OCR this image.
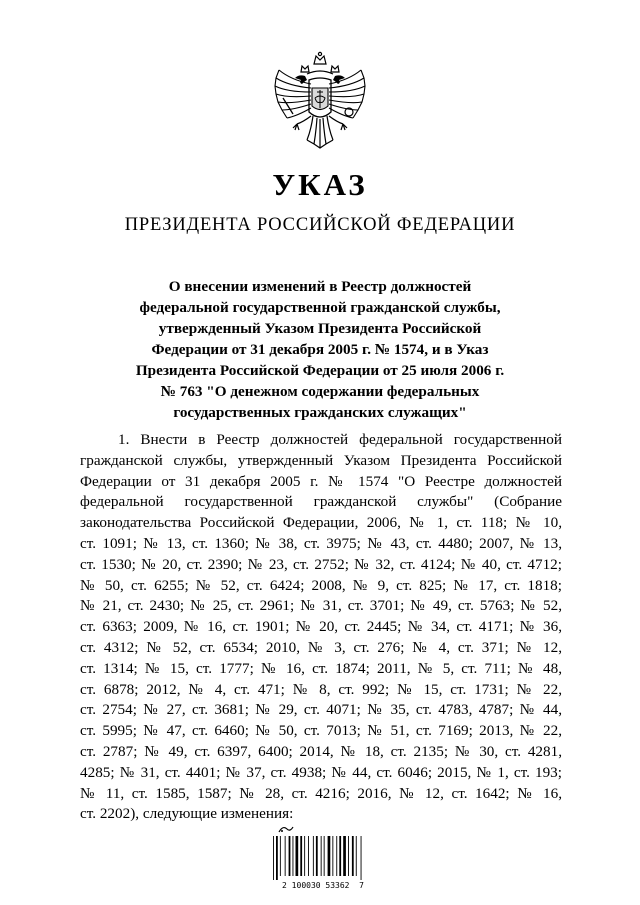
УКАЗ
ПРЕЗИДЕНТА РОССИЙСКОЙ ФЕДЕРАЦИИ
О внесении изменений в Реестр должностей
федеральной государственной гражданской службы,
утвержденный Указом Президента Российской
Федерации от 31 декабря 2005 г. № 1574, и в Указ
Президента Российской Федерации от 25 июля 2006 г.
№ 763 "О денежном содержании федеральных
государственных гражданских служащих"
1. Внести в Реестр должностей федеральной государственной
гражданской службы, утвержденный Указом Президента Российской
Федерации от 31 декабря 2005 г. № 1574 "О Реестре должностей
федеральной государственной гражданской службы" (Собрание
законодательства Российской Федерации, 2006, № 1, ст. 118; № 10,
ст. 1091; № 13, ст. 1360; № 38, ст. 3975; № 43, ст. 4480; 2007, № 13,
ст. 1530; № 20, ст. 2390; № 23, ст. 2752; № 32, ст. 4124; № 40, ст. 4712;
№ 50, ст. 6255; № 52, ст. 6424; 2008, № 9, ст. 825; № 17, ст. 1818;
№ 21, ст. 2430; № 25, ст. 2961; № 31, ст. 3701; № 49, ст. 5763; № 52,
ст. 6363; 2009, № 16, ст. 1901; № 20, ст. 2445; № 34, ст. 4171; № 36,
ст. 4312; № 52, ст. 6534; 2010, № 3, ст. 276; № 4, ст. 371; № 12,
ст. 1314; № 15, ст. 1777; № 16, ст. 1874; 2011, № 5, ст. 711; № 48,
ст. 6878; 2012, № 4, ст. 471; № 8, ст. 992; № 15, ст. 1731; № 22,
ст. 2754; № 27, ст. 3681; № 29, ст. 4071; № 35, ст. 4783, 4787; № 44,
ст. 5995; № 47, ст. 6460; № 50, ст. 7013; № 51, ст. 7169; 2013, № 22,
ст. 2787; № 49, ст. 6397, 6400; 2014, № 18, ст. 2135; № 30, ст. 4281,
4285; № 31, ст. 4401; № 37, ст. 4938; № 44, ст. 6046; 2015, № 1, ст. 193;
№ 11, ст. 1585, 1587; № 28, ст. 4216; 2016, № 12, ст. 1642; № 16,
ст. 2202), следующие изменения:
2 100030 53362  7
